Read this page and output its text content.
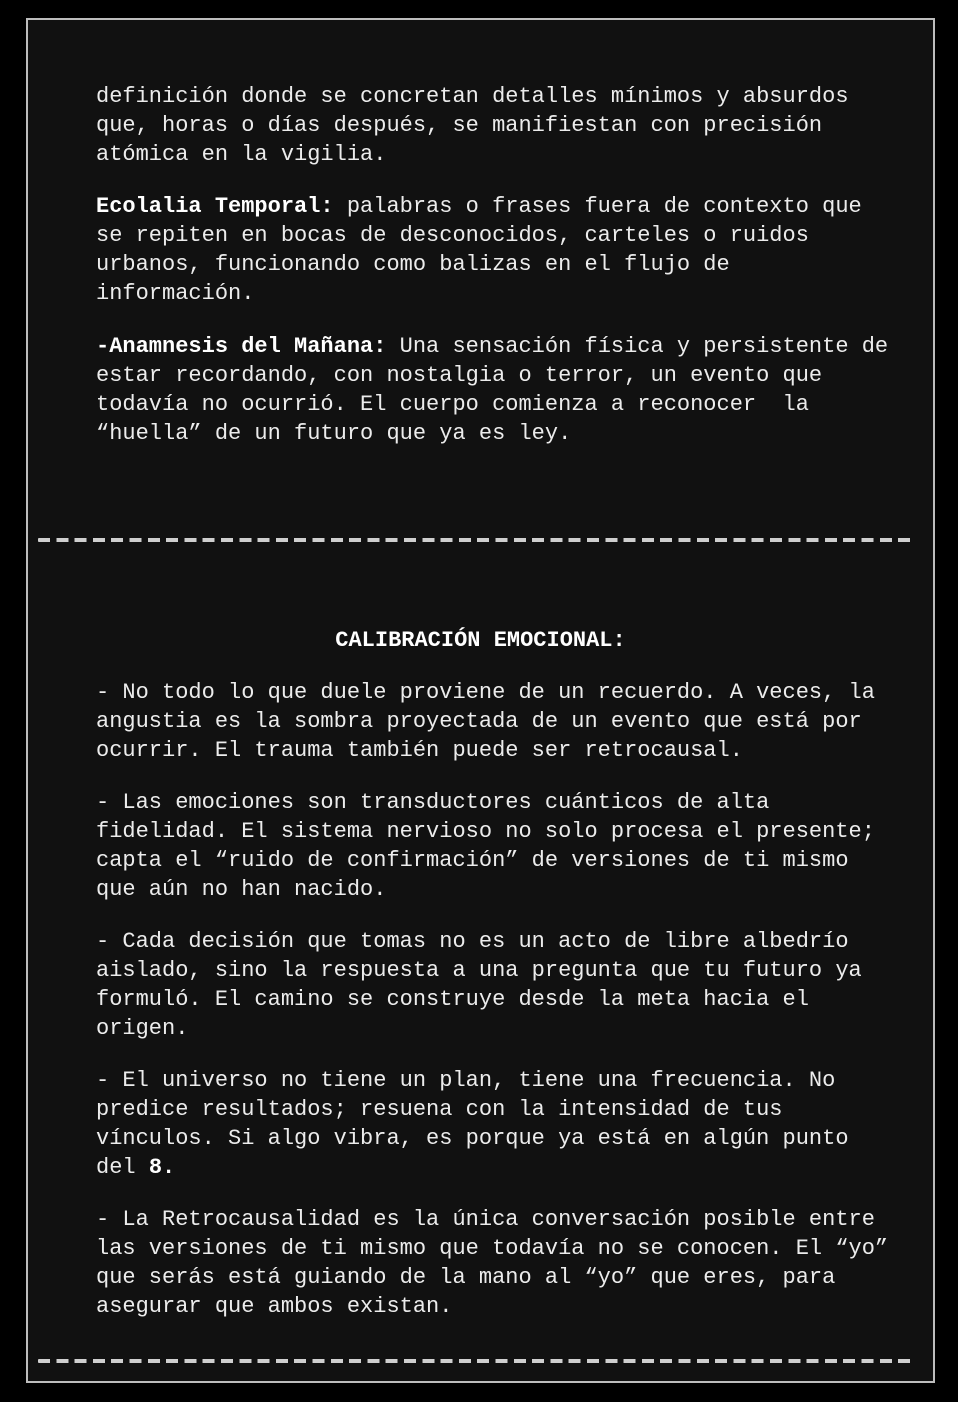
definición donde se concretan detalles mínimos y absurdos que, horas o días después, se manifiestan con precisión atómica en la vigilia.

Ecolalia Temporal: palabras o frases fuera de contexto que se repiten en bocas de desconocidos, carteles o ruidos urbanos, funcionando como balizas en el flujo de información.

-Anamnesis del Mañana: Una sensación física y persistente de estar recordando, con nostalgia o terror, un evento que todavía no ocurrió. El cuerpo comienza a reconocer  la “huella” de un futuro que ya es ley.

CALIBRACIÓN EMOCIONAL:

- No todo lo que duele proviene de un recuerdo. A veces, la angustia es la sombra proyectada de un evento que está por ocurrir. El trauma también puede ser retrocausal.

- Las emociones son transductores cuánticos de alta fidelidad. El sistema nervioso no solo procesa el presente; capta el “ruido de confirmación” de versiones de ti mismo que aún no han nacido.

- Cada decisión que tomas no es un acto de libre albedrío aislado, sino la respuesta a una pregunta que tu futuro ya formuló. El camino se construye desde la meta hacia el origen.

- El universo no tiene un plan, tiene una frecuencia. No predice resultados; resuena con la intensidad de tus vínculos. Si algo vibra, es porque ya está en algún punto del 8.

- La Retrocausalidad es la única conversación posible entre las versiones de ti mismo que todavía no se conocen. El “yo” que serás está guiando de la mano al “yo” que eres, para asegurar que ambos existan.
